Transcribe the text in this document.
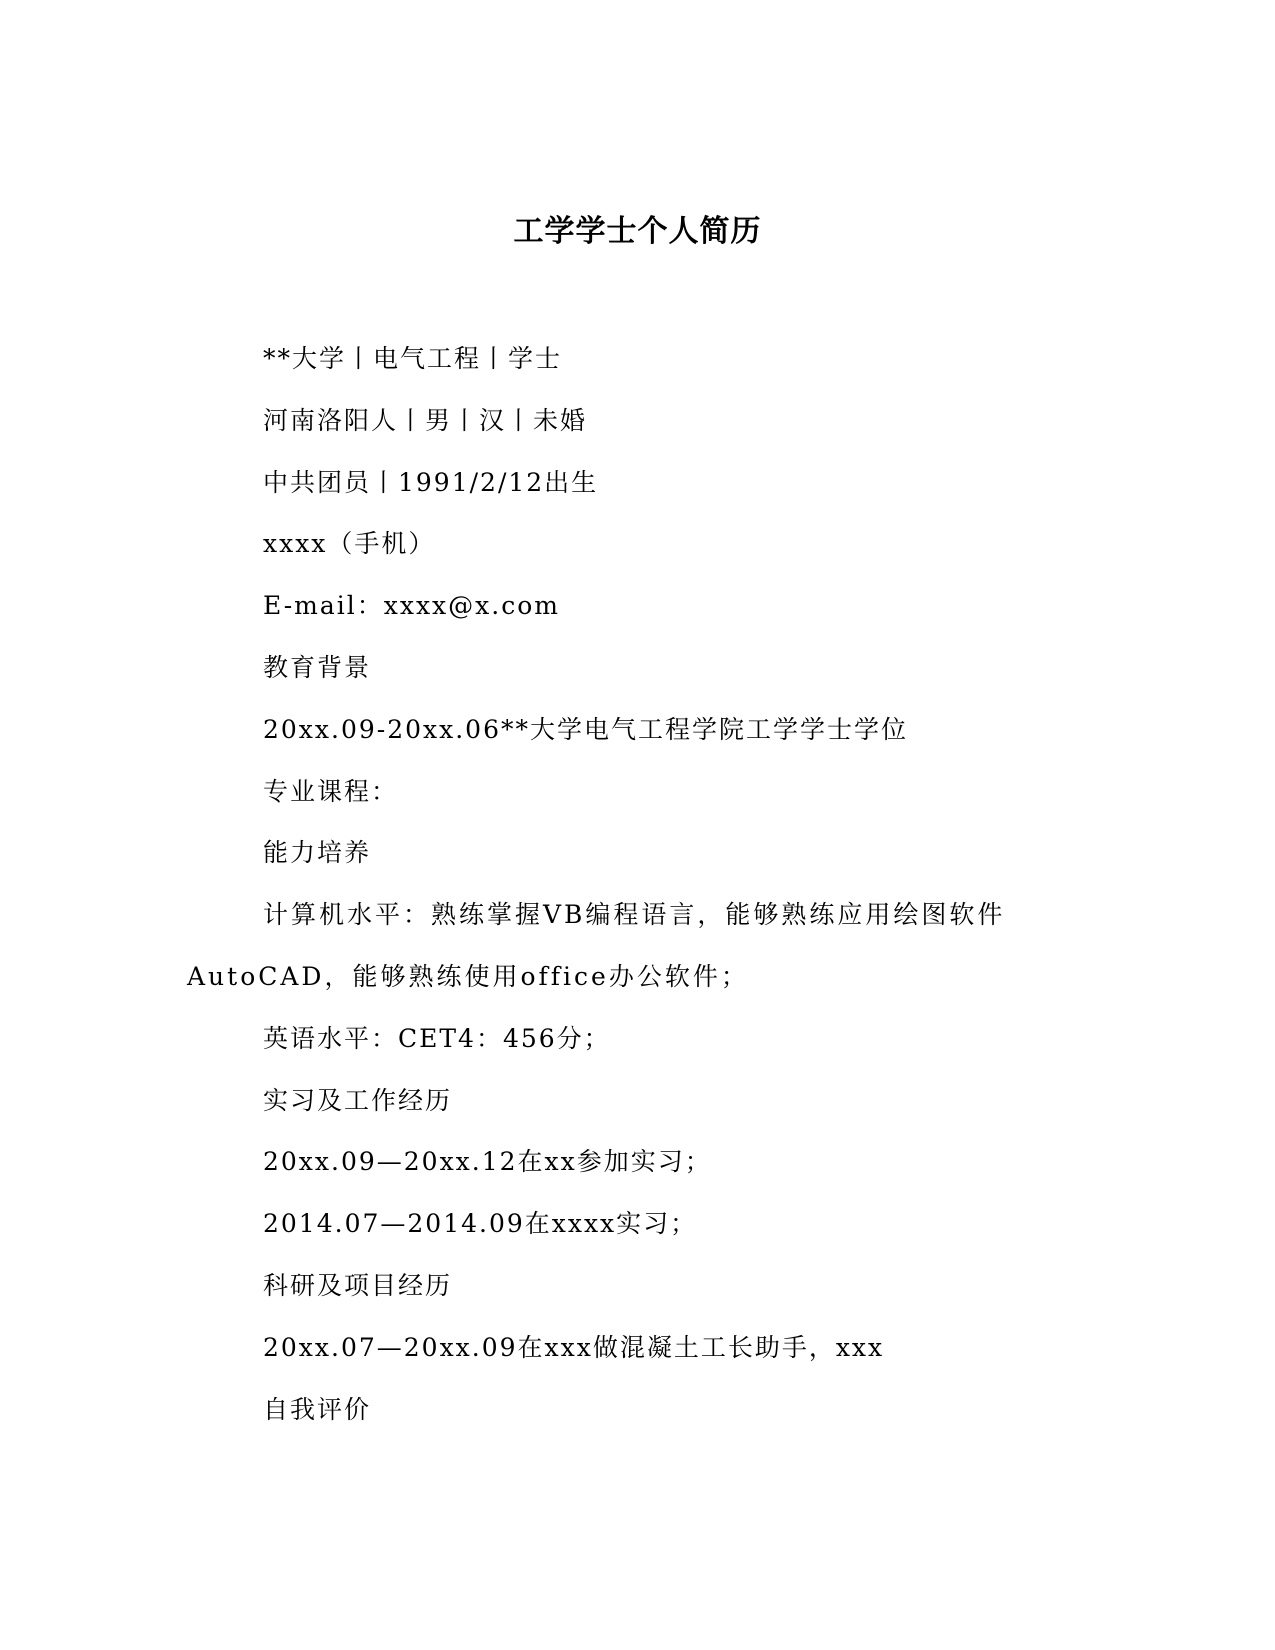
工学学士个人简历

**大学丨电气工程丨学士

河南洛阳人丨男丨汉丨未婚

中共团员丨1991/2/12出生

xxxx（手机）

E-mail：xxxx@x.com

教育背景

20xx.09-20xx.06**大学电气工程学院工学学士学位

专业课程：

能力培养

计算机水平：熟练掌握VB编程语言，能够熟练应用绘图软件AutoCAD，能够熟练使用office办公软件；

英语水平：CET4：456分；

实习及工作经历

20xx.09—20xx.12在xx参加实习；

2014.07—2014.09在xxxx实习；

科研及项目经历

20xx.07—20xx.09在xxx做混凝土工长助手，xxx

自我评价
